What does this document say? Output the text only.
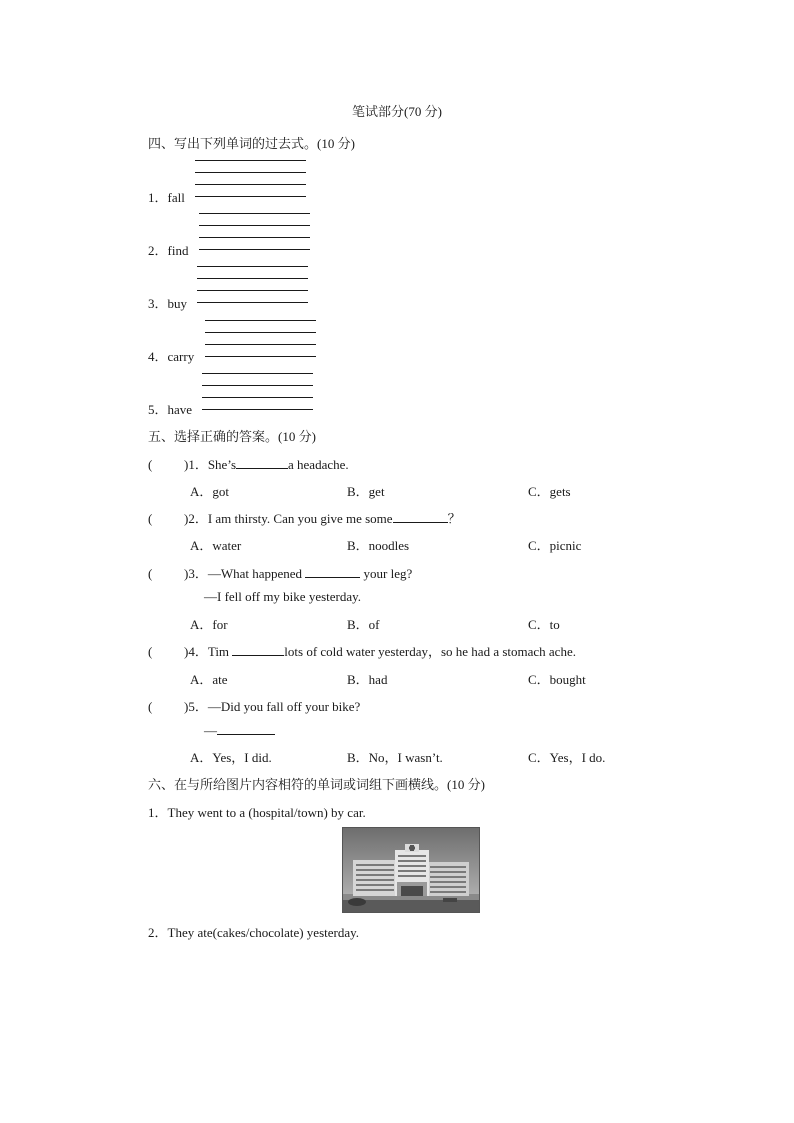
笔试部分(70 分)
四、写出下列单词的过去式。(10 分)
1．fall
2．find
3．buy
4．carry
5．have
五、选择正确的答案。(10 分)
( )1．She’s	a headache.
A．got	B．get	C．gets
( )2．I am thirsty. Can you give me some	？
A．water	B．noodles	C．picnic
( )3．—What happened	your leg?
—I fell off my bike yesterday.
A．for	B．of	C．to
( )4．Tim	lots of cold water yesterday，so he had a stomach ache.
A．ate	B．had	C．bought
( )5．—Did you fall off your bike?
—
A．Yes，I did.	B．No，I wasn’t.	C．Yes，I do.
六、在与所给图片内容相符的单词或词组下画横线。(10 分)
1．They went to a (hospital/town) by car.
2．They ate(cakes/chocolate) yesterday.
